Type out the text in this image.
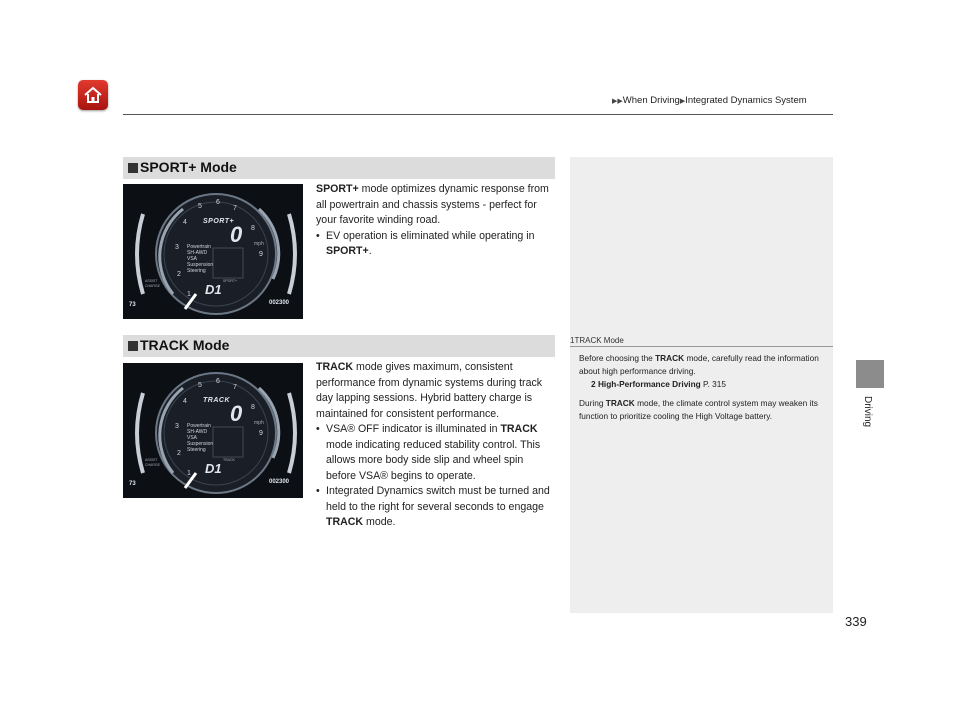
▶▶When Driving▶Integrated Dynamics System
Driving
SPORT+ Mode
6
7
8
9
5
4
3
2
1
SPORT+
0 mph
Powertrain
SH-AWD
VSA
Suspension
Steering
D1
SPORT+
ASSIST
CHARGE
002300
73

SPORT+ mode optimizes dynamic response from all powertrain and chassis systems - perfect for your favorite winding road.

• EV operation is eliminated while operating in SPORT+.
TRACK Mode
6
7
8
9
5
4
3
2
1
TRACK
0 mph
Powertrain
SH-AWD
VSA
Suspension
Steering
D1
TRACK
ASSIST
CHARGE
002300
73

TRACK mode gives maximum, consistent performance from dynamic systems during track day lapping sessions. Hybrid battery charge is maintained for consistent performance.

• VSA® OFF indicator is illuminated in TRACK mode indicating reduced stability control. This allows more body side slip and wheel spin before VSA® begins to operate.
• Integrated Dynamics switch must be turned and held to the right for several seconds to engage TRACK mode.
1TRACK Mode

Before choosing the TRACK mode, carefully read the information about high performance driving.

2 High-Performance Driving P. 315

During TRACK mode, the climate control system may weaken its function to prioritize cooling the High Voltage battery.

339
